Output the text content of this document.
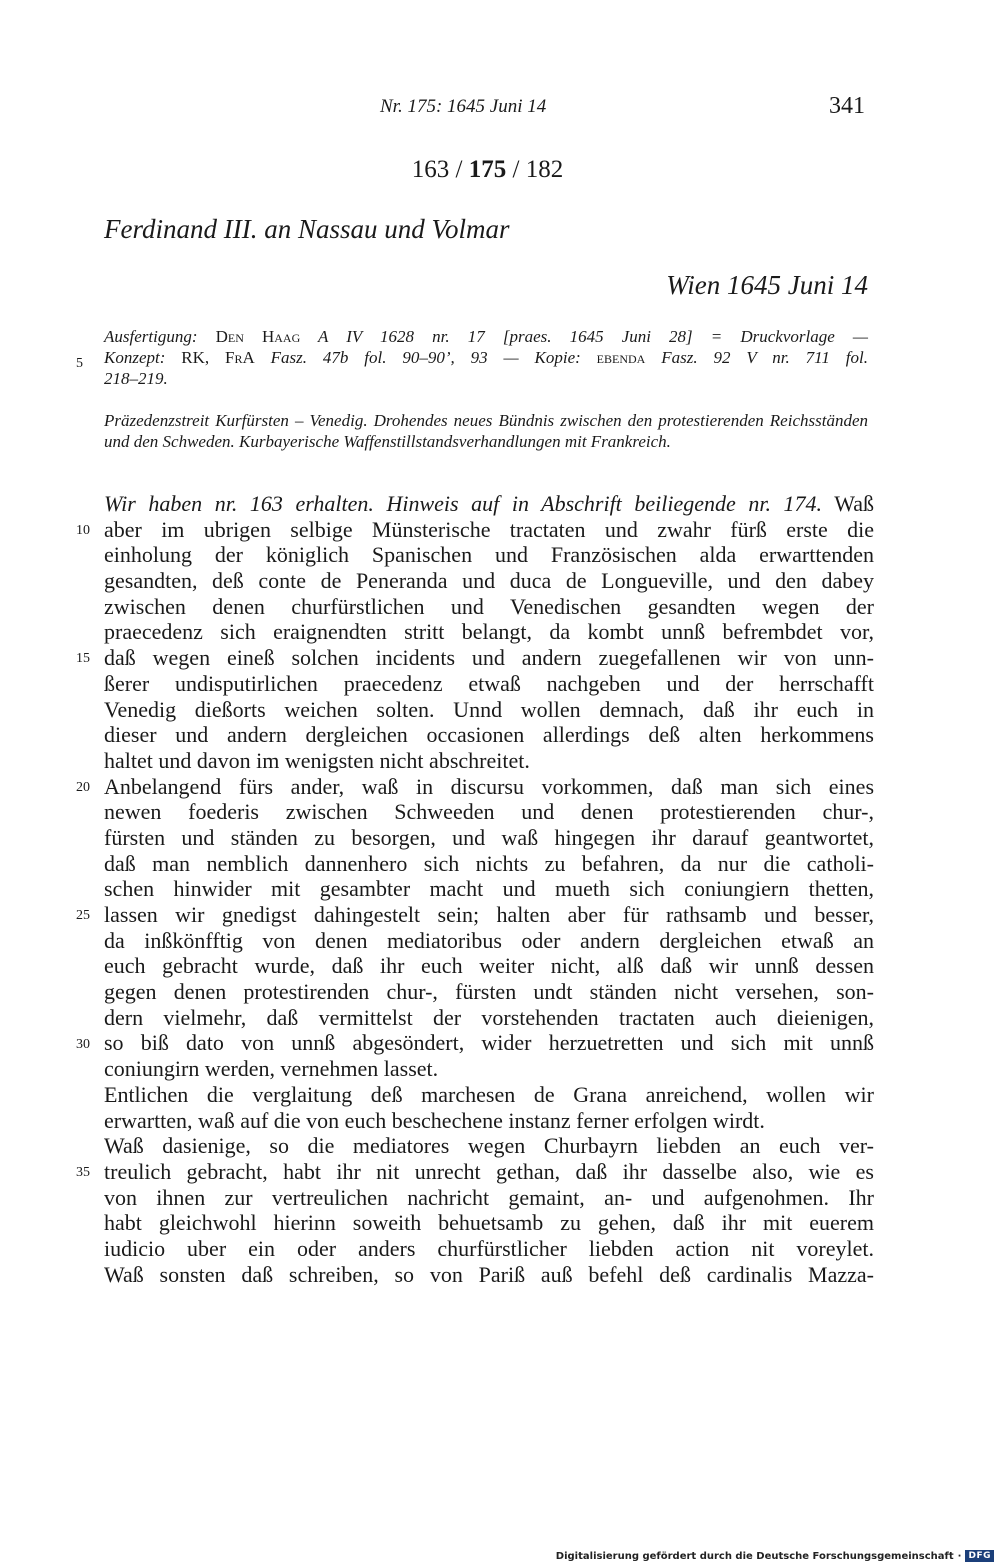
Nr. 175: 1645 Juni 14	341
163 / 175 / 182
Ferdinand III. an Nassau und Volmar
Wien 1645 Juni 14
Ausfertigung: Den Haag A IV 1628 nr. 17 [praes. 1645 Juni 28] = Druckvorlage —
Konzept: RK, FrA Fasz. 47b fol. 90–90’, 93 — Kopie: ebenda Fasz. 92 V nr. 711 fol.
218–219.
5
Präzedenzstreit Kurfürsten – Venedig. Drohendes neues Bündnis zwischen den protestierenden Reichsständen und den Schweden. Kurbayerische Waffenstillstandsverhandlungen mit Frankreich.
Wir haben nr. 163 erhalten. Hinweis auf in Abschrift beiliegende nr. 174. Waß
aber im ubrigen selbige Münsterische tractaten und zwahr fürß erste die
einholung der königlich Spanischen und Französischen alda erwarttenden
gesandten, deß conte de Peneranda und duca de Longueville, und den dabey
zwischen denen churfürstlichen und Venedischen gesandten wegen der
praecedenz sich eraignendten stritt belangt, da kombt unnß befrembdet vor,
daß wegen eineß solchen incidents und andern zuegefallenen wir von unn-
ßerer undisputirlichen praecedenz etwaß nachgeben und der herrschafft
Venedig dießorts weichen solten. Unnd wollen demnach, daß ihr euch in
dieser und andern dergleichen occasionen allerdings deß alten herkommens
haltet und davon im wenigsten nicht abschreitet.
Anbelangend fürs ander, waß in discursu vorkommen, daß man sich eines
newen foederis zwischen Schweeden und denen protestierenden chur-,
fürsten und ständen zu besorgen, und waß hingegen ihr darauf geantwortet,
daß man nemblich dannenhero sich nichts zu befahren, da nur die catholi-
schen hinwider mit gesambter macht und mueth sich coniungiern thetten,
lassen wir gnedigst dahingestelt sein; halten aber für rathsamb und besser,
da inßkönfftig von denen mediatoribus oder andern dergleichen etwaß an
euch gebracht wurde, daß ihr euch weiter nicht, alß daß wir unnß dessen
gegen denen protestirenden chur-, fürsten undt ständen nicht versehen, son-
dern vielmehr, daß vermittelst der vorstehenden tractaten auch dieienigen,
so biß dato von unnß abgesöndert, wider herzuetretten und sich mit unnß
coniungirn werden, vernehmen lasset.
Entlichen die verglaitung deß marchesen de Grana anreichend, wollen wir
erwartten, waß auf die von euch beschechene instanz ferner erfolgen wirdt.
Waß dasienige, so die mediatores wegen Churbayrn liebden an euch ver-
treulich gebracht, habt ihr nit unrecht gethan, daß ihr dasselbe also, wie es
von ihnen zur vertreulichen nachricht gemaint, an- und aufgenohmen. Ihr
habt gleichwohl hierinn soweith behuetsamb zu gehen, daß ihr mit euerem
iudicio uber ein oder anders churfürstlicher liebden action nit voreylet.
Waß sonsten daß schreiben, so von Pariß auß befehl deß cardinalis Mazza-
10
15
20
25
30
35
Digitalisierung gefördert durch die Deutsche Forschungsgemeinschaft · DFG
